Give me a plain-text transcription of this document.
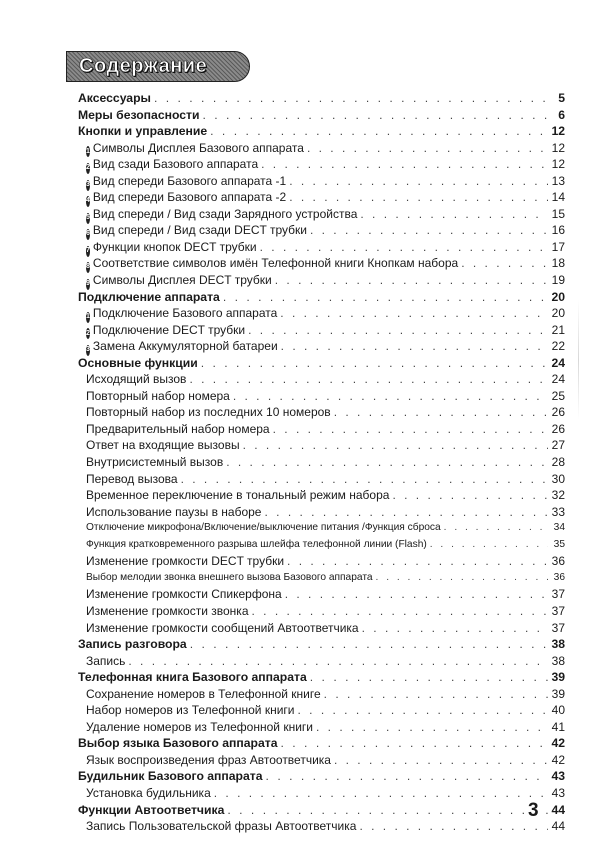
Содержание
Аксессуары . . .	5
Меры безопасности . . .	6
Кнопки и управление . . .	12
1 Символы Дисплея Базового аппарата . . .	12
2 Вид сзади Базового аппарата . . .	12
3 Вид спереди Базового аппарата -1 . . .	13
4 Вид спереди Базового аппарата -2 . . .	14
5 Вид спереди / Вид сзади Зарядного устройства . . .	15
6 Вид спереди / Вид сзади DECT трубки . . .	16
7 Функции кнопок DECT трубки . . .	17
8 Соответствие символов имён Телефонной книги Кнопкам набора . . .	18
9 Символы Дисплея DECT трубки . . .	19
Подключение аппарата . . .	20
1 Подключение Базового аппарата . . .	20
2 Подключение DECT трубки . . .	21
3 Замена Аккумуляторной батареи . . .	22
Основные функции . . .	24
Исходящий вызов . . .	24
Повторный набор номера . . .	25
Повторный набор из последних 10 номеров . . .	26
Предварительный набор номера . . .	26
Ответ на входящие вызовы . . .	27
Внутрисистемный вызов . . .	28
Перевод вызова . . .	30
Временное переключение в тональный режим набора . . .	32
Использование паузы в наборе . . .	33
Отключение микрофона/Включение/выключение питания /Функция сброса . . .	34
Функция кратковременного разрыва шлейфа телефонной линии (Flash) . . .	35
Изменение громкости DECT трубки . . .	36
Выбор мелодии звонка внешнего вызова Базового аппарата . . .	36
Изменение громкости Спикерфона . . .	37
Изменение громкости звонка . . .	37
Изменение громкости сообщений Автоответчика . . .	37
Запись разговора . . .	38
Запись . . .	38
Телефонная книга Базового аппарата . . .	39
Сохранение номеров в Телефонной книге . . .	39
Набор номеров из Телефонной книги . . .	40
Удаление номеров из Телефонной книги . . .	41
Выбор языка Базового аппарата . . .	42
Язык воспроизведения фраз Автоответчика . . .	42
Будильник Базового аппарата . . .	43
Установка будильника . . .	43
Функции Автоответчика . . .	44
Запись Пользовательской фразы Автоответчика . . .	44
3
